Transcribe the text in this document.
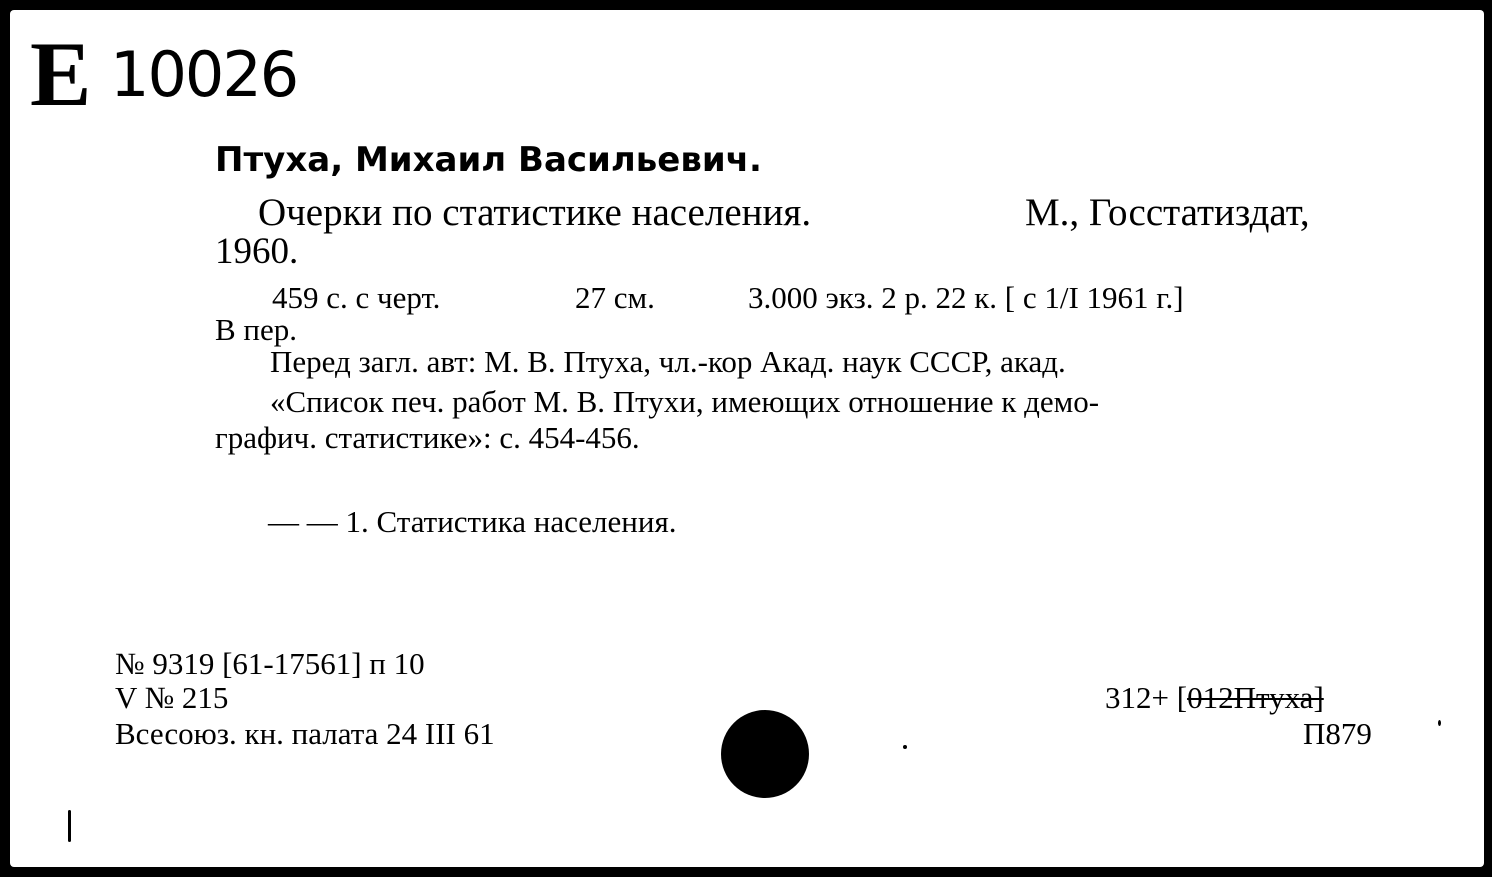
Е 10026
Птуха, Михаил Васильевич.
Очерки по статистике населения.	М., Госстатиздат,
1960.
459 с. с черт.	27 см.	3.000 экз. 2 р. 22 к. [ с 1/I 1961 г.]
В пер.
Перед загл. авт: М. В. Птуха, чл.-кор Акад. наук СССР, акад.
«Список печ. работ М. В. Птухи, имеющих отношение к демо-
графич. статистике»: с. 454-456.
— — 1. Статистика населения.
№ 9319 [61-17561] п 10
V № 215
Всесоюз. кн. палата 24 III 61
312+ [012Птуха]
П879
